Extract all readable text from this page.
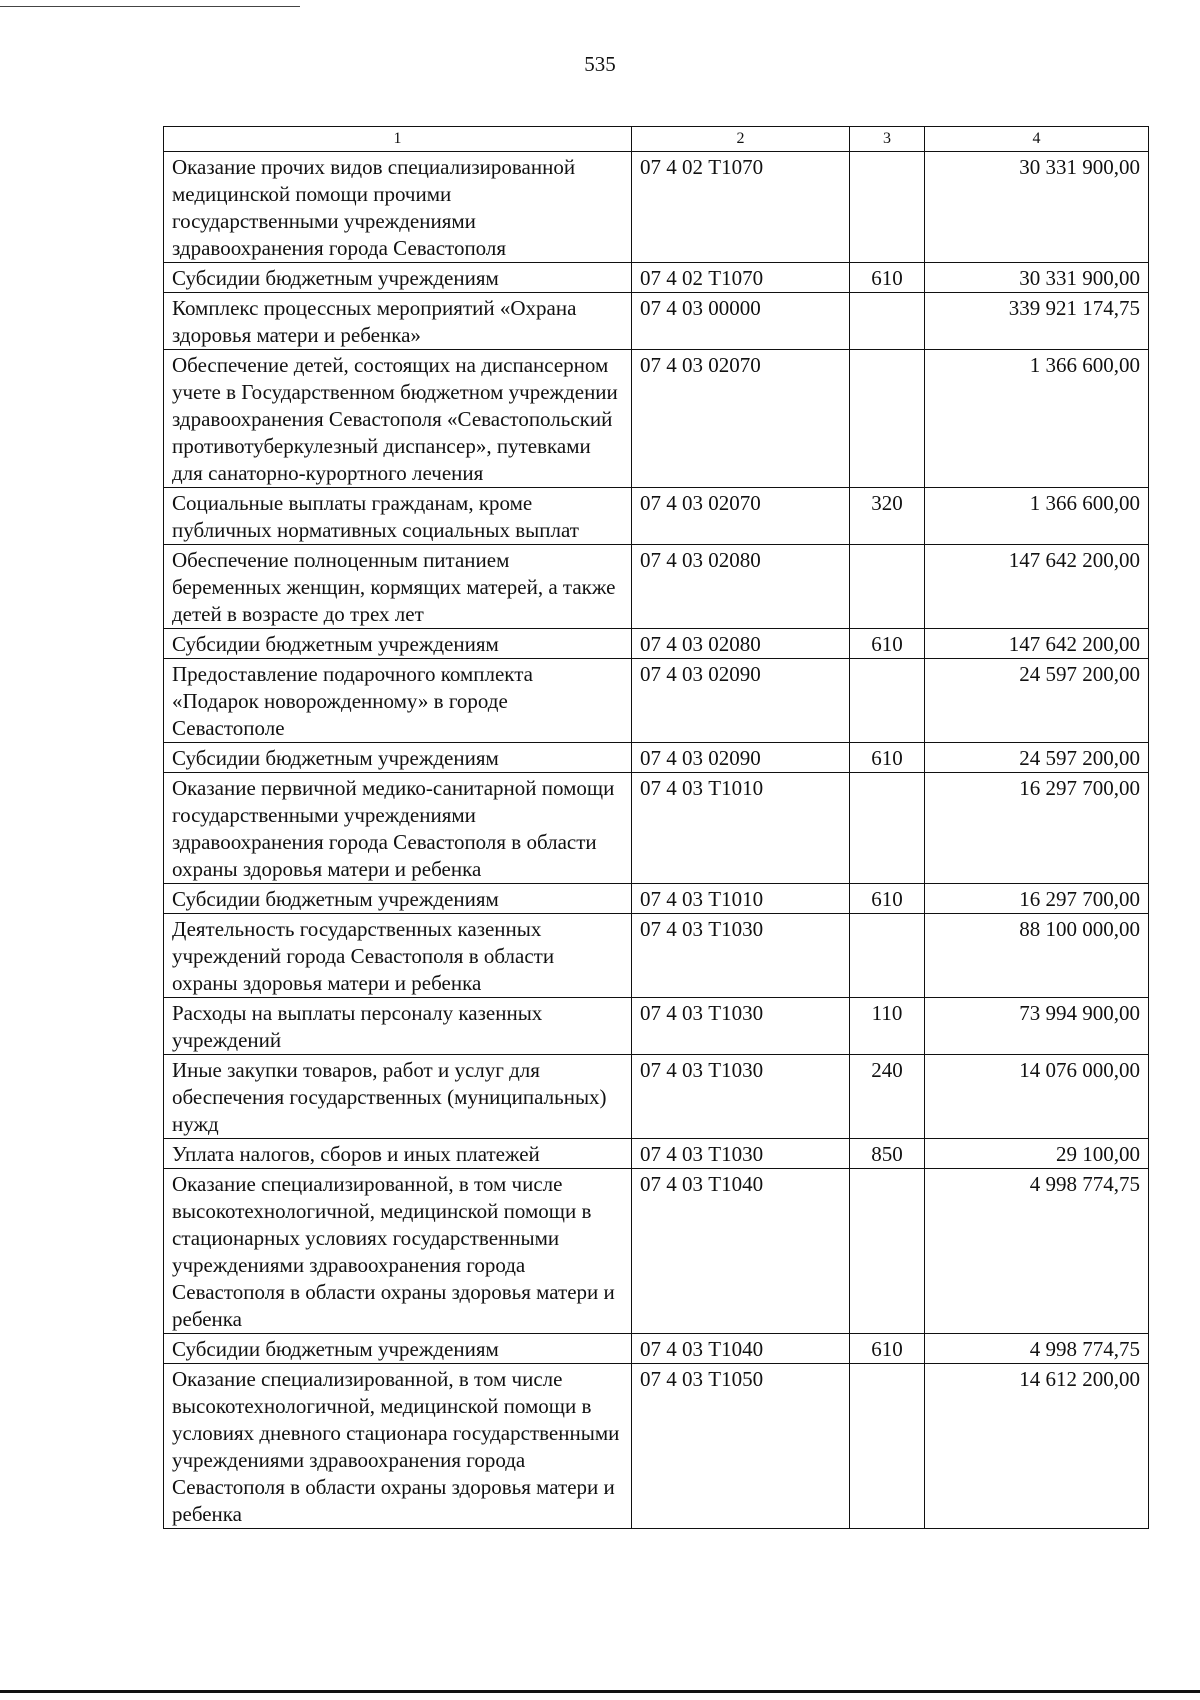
535
1	2	3	4
Оказание прочих видов специализированной медицинской помощи прочими государственными учреждениями здравоохранения города Севастополя	07 4 02 Т1070		30 331 900,00
Субсидии бюджетным учреждениям	07 4 02 Т1070	610	30 331 900,00
Комплекс процессных мероприятий «Охрана здоровья матери и ребенка»	07 4 03 00000		339 921 174,75
Обеспечение детей, состоящих на диспансерном учете в Государственном бюджетном учреждении здравоохранения Севастополя «Севастопольский противотуберкулезный диспансер», путевками для санаторно-курортного лечения	07 4 03 02070		1 366 600,00
Социальные выплаты гражданам, кроме публичных нормативных социальных выплат	07 4 03 02070	320	1 366 600,00
Обеспечение полноценным питанием беременных женщин, кормящих матерей, а также детей в возрасте до трех лет	07 4 03 02080		147 642 200,00
Субсидии бюджетным учреждениям	07 4 03 02080	610	147 642 200,00
Предоставление подарочного комплекта «Подарок новорожденному» в городе Севастополе	07 4 03 02090		24 597 200,00
Субсидии бюджетным учреждениям	07 4 03 02090	610	24 597 200,00
Оказание первичной медико-санитарной помощи государственными учреждениями здравоохранения города Севастополя в области охраны здоровья матери и ребенка	07 4 03 Т1010		16 297 700,00
Субсидии бюджетным учреждениям	07 4 03 Т1010	610	16 297 700,00
Деятельность государственных казенных учреждений города Севастополя в области охраны здоровья матери и ребенка	07 4 03 Т1030		88 100 000,00
Расходы на выплаты персоналу казенных учреждений	07 4 03 Т1030	110	73 994 900,00
Иные закупки товаров, работ и услуг для обеспечения государственных (муниципальных) нужд	07 4 03 Т1030	240	14 076 000,00
Уплата налогов, сборов и иных платежей	07 4 03 Т1030	850	29 100,00
Оказание специализированной, в том числе высокотехнологичной, медицинской помощи в стационарных условиях государственными учреждениями здравоохранения города Севастополя в области охраны здоровья матери и ребенка	07 4 03 Т1040		4 998 774,75
Субсидии бюджетным учреждениям	07 4 03 Т1040	610	4 998 774,75
Оказание специализированной, в том числе высокотехнологичной, медицинской помощи в условиях дневного стационара государственными учреждениями здравоохранения города Севастополя в области охраны здоровья матери и ребенка	07 4 03 Т1050		14 612 200,00
